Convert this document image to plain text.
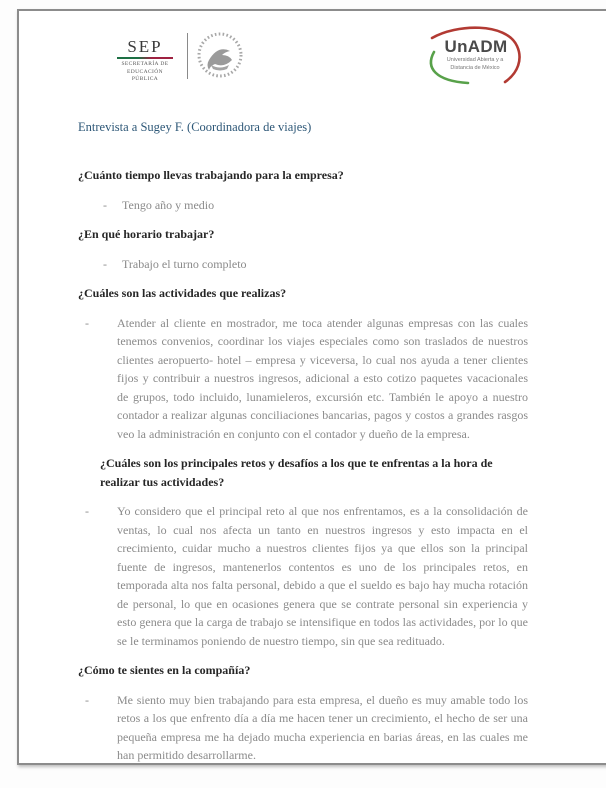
SEP
SECRETARÍA DE
EDUCACIÓN PÚBLICA
UnADM
Universidad Abierta y a
Distancia de México
Entrevista a Sugey F. (Coordinadora de viajes)
¿Cuánto tiempo llevas trabajando para la empresa?
-	Tengo año y medio
¿En qué horario trabajar?
-	Trabajo el turno completo
¿Cuáles son las actividades que realizas?
-	Atender al cliente en mostrador, me toca atender algunas empresas con las cuales tenemos convenios, coordinar los viajes especiales como son traslados de nuestros clientes aeropuerto- hotel – empresa y viceversa, lo cual nos ayuda a tener clientes fijos y contribuir a nuestros ingresos, adicional a esto cotizo paquetes vacacionales de grupos, todo incluido, lunamieleros, excursión etc. También le apoyo a nuestro contador a realizar algunas conciliaciones bancarias, pagos y costos a grandes rasgos veo la administración en conjunto con el contador y dueño de la empresa.
¿Cuáles son los principales retos y desafíos a los que te enfrentas a la hora de realizar tus actividades?
-	Yo considero que el principal reto al que nos enfrentamos, es a la consolidación de ventas, lo cual nos afecta un tanto en nuestros ingresos y esto impacta en el crecimiento, cuidar mucho a nuestros clientes fijos ya que ellos son la principal fuente de ingresos, mantenerlos contentos es uno de los principales retos, en temporada alta nos falta personal, debido a que el sueldo es bajo hay mucha rotación de personal, lo que en ocasiones genera que se contrate personal sin experiencia y esto genera que la carga de trabajo se intensifique en todos las actividades, por lo que se le terminamos poniendo de nuestro tiempo, sin que sea redituado.
¿Cómo te sientes en la compañía?
-	Me siento muy bien trabajando para esta empresa, el dueño es muy amable todo los retos a los que enfrento día a día me hacen tener un crecimiento, el hecho de ser una pequeña empresa me ha dejado mucha experiencia en barias áreas, en las cuales me han permitido desarrollarme.
